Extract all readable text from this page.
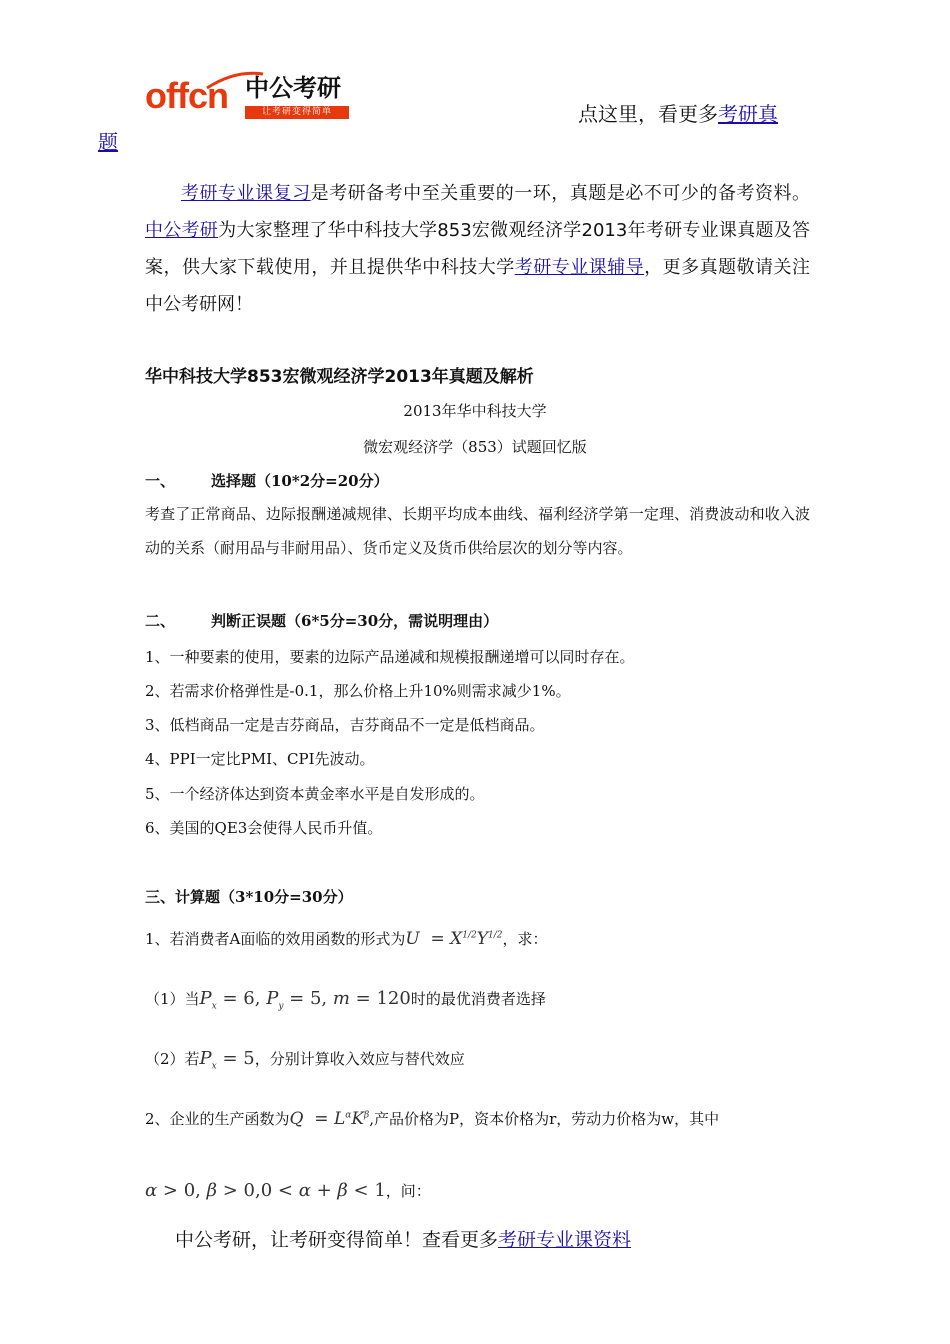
offcn 中公考研
让考研变得简单	点这里，看更多考研真
题
考研专业课复习是考研备考中至关重要的一环，真题是必不可少的备考资料。中公考研为大家整理了华中科技大学853宏微观经济学2013年考研专业课真题及答案，供大家下载使用，并且提供华中科技大学考研专业课辅导，更多真题敬请关注中公考研网！
华中科技大学853宏微观经济学2013年真题及解析
2013年华中科技大学
微宏观经济学（853）试题回忆版
一、 选择题（10*2分=20分）
考查了正常商品、边际报酬递减规律、长期平均成本曲线、福利经济学第一定理、消费波动和收入波动的关系（耐用品与非耐用品）、货币定义及货币供给层次的划分等内容。
二、 判断正误题（6*5分=30分，需说明理由）
1、一种要素的使用，要素的边际产品递减和规模报酬递增可以同时存在。
2、若需求价格弹性是-0.1，那么价格上升10%则需求减少1%。
3、低档商品一定是吉芬商品，吉芬商品不一定是低档商品。
4、PPI一定比PMI、CPI先波动。
5、一个经济体达到资本黄金率水平是自发形成的。
6、美国的QE3会使得人民币升值。
三、计算题（3*10分=30分）
1、若消费者A面临的效用函数的形式为$U = X^{1/2}Y^{1/2}$，求：
（1）当$P_x = 6$, $P_y = 5$, m = 120时的最优消费者选择
（2）若$P_x = 5$，分别计算收入效应与替代效应
2、企业的生产函数为$Q = L^\alpha K^\beta$,产品价格为P，资本价格为r，劳动力价格为w，其中
α > 0, β > 0,0 < α + β < 1，问：
中公考研，让考研变得简单！查看更多考研专业课资料
